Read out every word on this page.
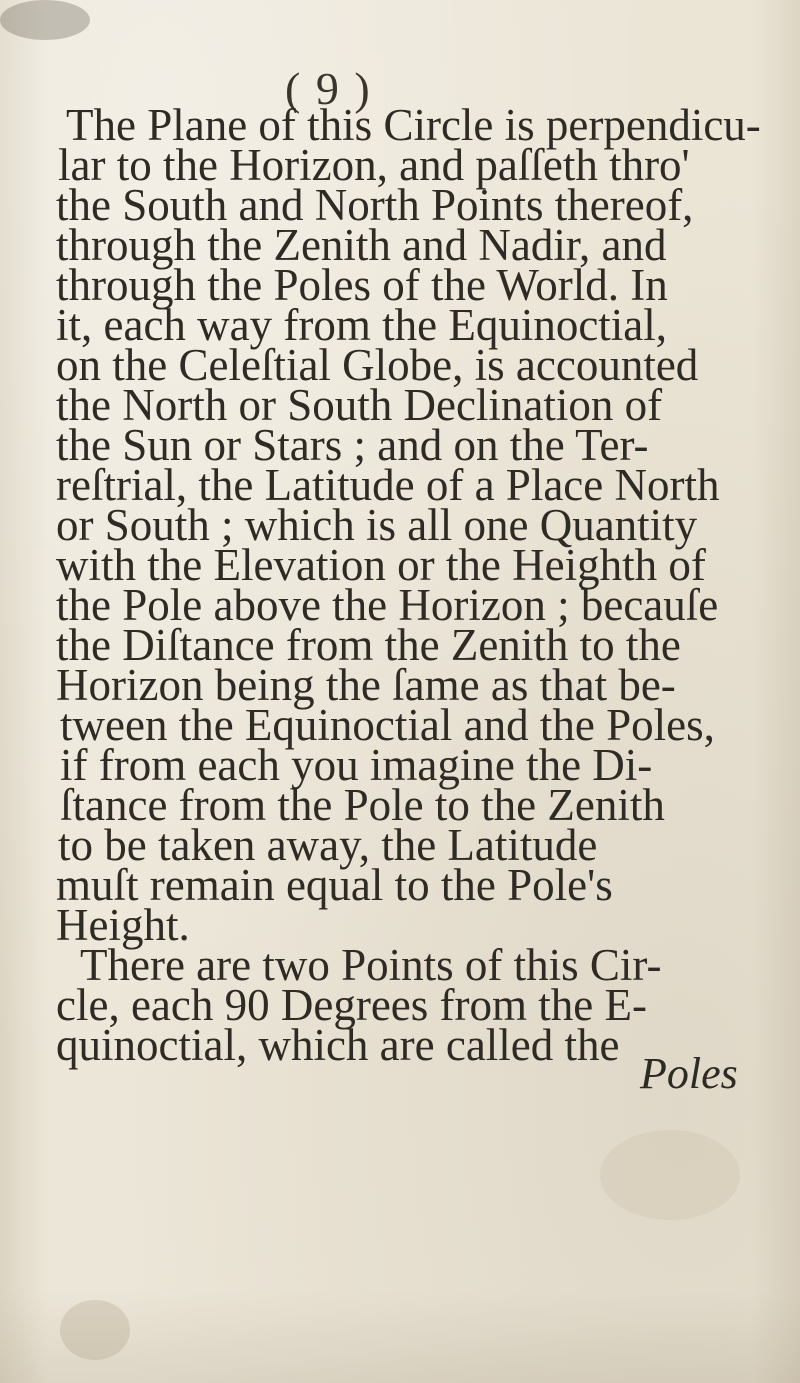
( 9 )
The Plane of this Circle is perpendicu-
lar to the Horizon, and paſſeth thro'
the South and North Points thereof,
through the Zenith and Nadir, and
through the Poles of the World. In
it, each way from the Equinoctial,
on the Celeſtial Globe, is accounted
the North or South Declination of
the Sun or Stars ; and on the Ter-
reſtrial, the Latitude of a Place North
or South ; which is all one Quantity
with the Elevation or the Heighth of
the Pole above the Horizon ; becauſe
the Diſtance from the Zenith to the
Horizon being the ſame as that be-
tween the Equinoctial and the Poles,
if from each you imagine the Di-
ſtance from the Pole to the Zenith
to be taken away, the Latitude
muſt remain equal to the Pole's
Height.
There are two Points of this Cir-
cle, each 90 Degrees from the E-
quinoctial, which are called the
Poles
